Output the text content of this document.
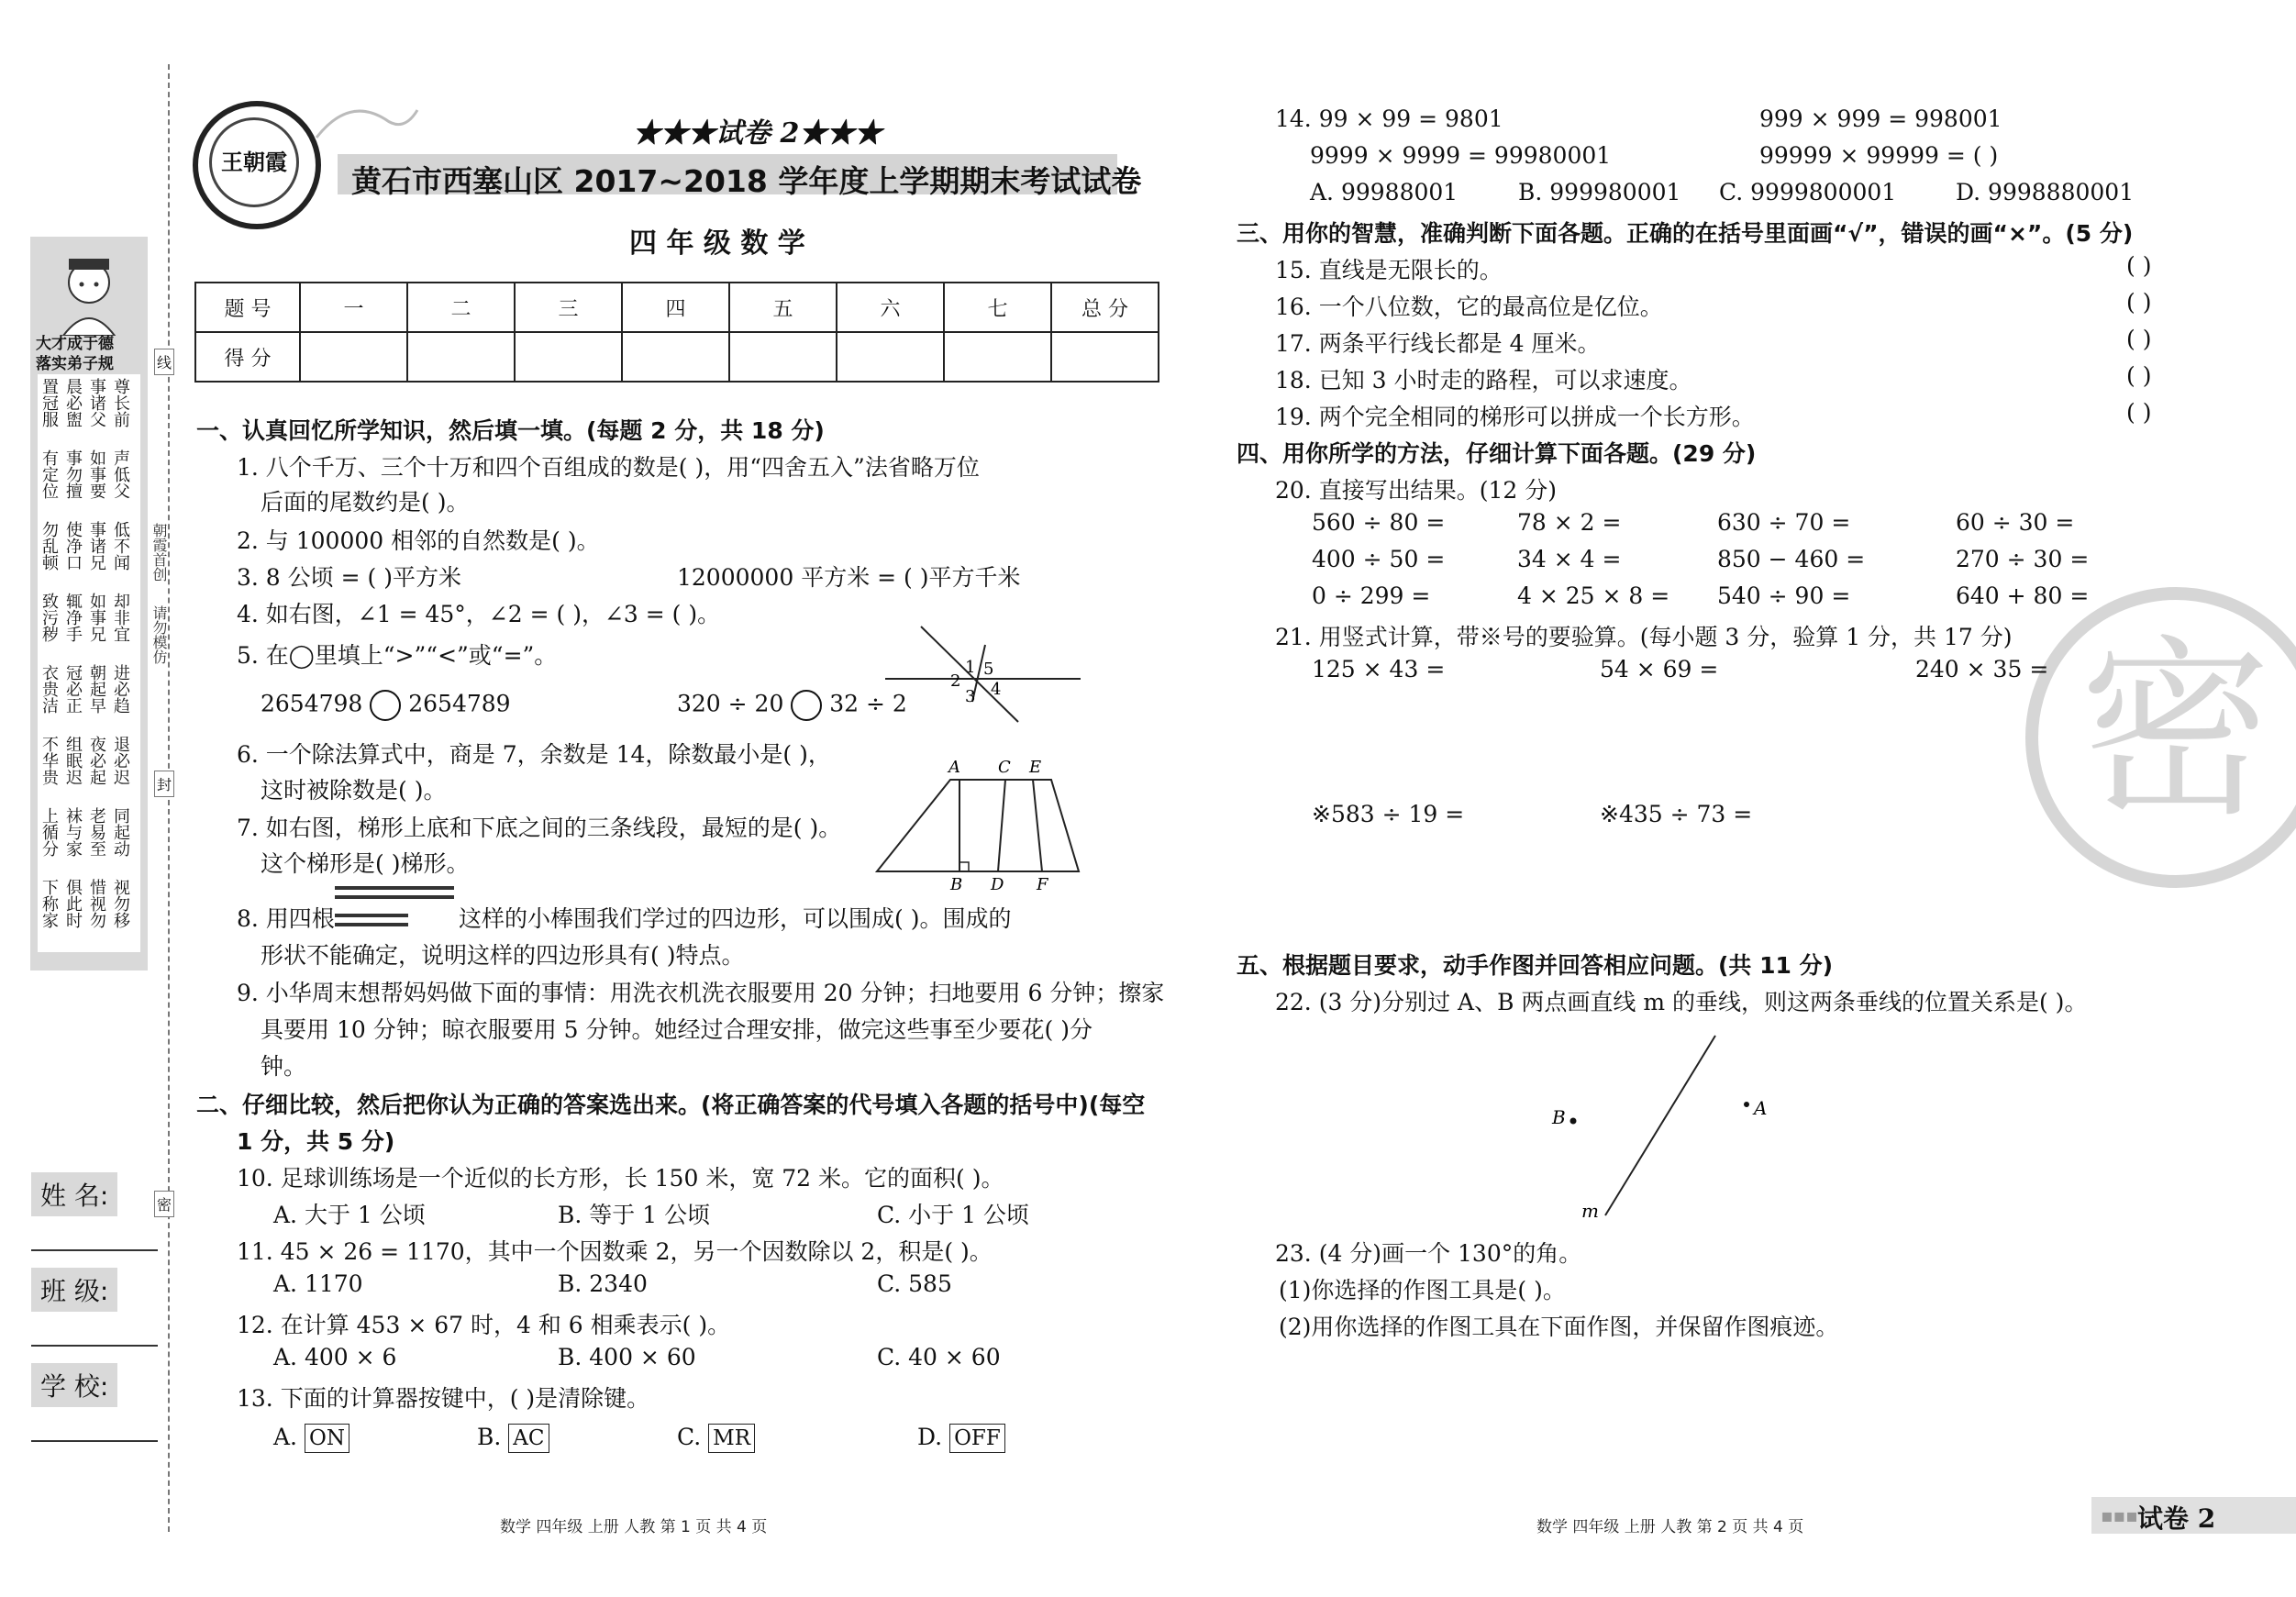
线
封
密
朝霞首创
请勿模仿
大才成于德
落实弟子规
置冠服 晨必盥 事诸父 尊长前
有定位 事勿擅 如事要 声低父
勿乱顿 使净口 事诸兄 低不闻
致污秽 辄净手 如事兄 却非宜
衣贵洁 冠必正 朝起早 进必趋
不华贵 组眠迟 夜必起 退必迟
上循分 袜与家 老易至 同起动
下称家 俱此时 惜视勿 视勿移
姓 名:
班 级:
学 校:
王朝霞
★★★试卷 2★★★
黄石市西塞山区 2017~2018 学年度上学期期末考试试卷
四 年 级 数 学
题 号	一	二	三	四	五	六	七	总 分
得 分								
一、认真回忆所学知识，然后填一填。(每题 2 分，共 18 分)
1. 八个千万、三个十万和四个百组成的数是( )，用“四舍五入”法省略万位
后面的尾数约是( )。
2. 与 100000 相邻的自然数是( )。
3. 8 公顷 = ( )平方米	12000000 平方米 = ( )平方千米
4. 如右图，∠1 = 45°，∠2 = ( )，∠3 = ( )。
5. 在◯里填上“>”“<”或“=”。
2654798 2654789	320 ÷ 20 32 ÷ 2
1 5
2 4
3
6. 一个除法算式中，商是 7，余数是 14，除数最小是( )，
这时被除数是( )。
7. 如右图，梯形上底和下底之间的三条线段，最短的是( )。
这个梯形是( )梯形。
A C E
B D F
8. 用四根	这样的小棒围我们学过的四边形，可以围成( )。围成的
形状不能确定，说明这样的四边形具有( )特点。
9. 小华周末想帮妈妈做下面的事情：用洗衣机洗衣服要用 20 分钟；扫地要用 6 分钟；擦家
具要用 10 分钟；晾衣服要用 5 分钟。她经过合理安排，做完这些事至少要花( )分
钟。
二、仔细比较，然后把你认为正确的答案选出来。(将正确答案的代号填入各题的括号中)(每空
1 分，共 5 分)
10. 足球训练场是一个近似的长方形，长 150 米，宽 72 米。它的面积( )。
A. 大于 1 公顷	B. 等于 1 公顷	C. 小于 1 公顷
11. 45 × 26 = 1170，其中一个因数乘 2，另一个因数除以 2，积是( )。
A. 1170	B. 2340	C. 585
12. 在计算 453 × 67 时，4 和 6 相乘表示( )。
A. 400 × 6	B. 400 × 60	C. 40 × 60
13. 下面的计算器按键中，( )是清除键。
A. ON	B. AC	C. MR	D. OFF
数学 四年级 上册 人教 第 1 页 共 4 页
密
14. 99 × 99 = 9801	999 × 999 = 998001
9999 × 9999 = 99980001	99999 × 99999 = ( )
A. 99988001	B. 999980001 C. 9999800001	D. 9998880001
三、用你的智慧，准确判断下面各题。正确的在括号里面画“√”，错误的画“×”。(5 分)
15. 直线是无限长的。	( )
16. 一个八位数，它的最高位是亿位。	( )
17. 两条平行线长都是 4 厘米。	( )
18. 已知 3 小时走的路程，可以求速度。	( )
19. 两个完全相同的梯形可以拼成一个长方形。	( )
四、用你所学的方法，仔细计算下面各题。(29 分)
20. 直接写出结果。(12 分)
560 ÷ 80 =	78 × 2 =	630 ÷ 70 =	60 ÷ 30 =
400 ÷ 50 =	34 × 4 =	850 − 460 =	270 ÷ 30 =
0 ÷ 299 =	4 × 25 × 8 = 540 ÷ 90 =	640 + 80 =
21. 用竖式计算，带※号的要验算。(每小题 3 分，验算 1 分，共 17 分)
125 × 43 =	54 × 69 =	240 × 35 =
※583 ÷ 19 =	※435 ÷ 73 =
五、根据题目要求，动手作图并回答相应问题。(共 11 分)
22. (3 分)分别过 A、B 两点画直线 m 的垂线，则这两条垂线的位置关系是( )。
B	A
m
23. (4 分)画一个 130°的角。
(1)你选择的作图工具是( )。
(2)用你选择的作图工具在下面作图，并保留作图痕迹。
数学 四年级 上册 人教 第 2 页 共 4 页
▪▪▪ 试卷 2
